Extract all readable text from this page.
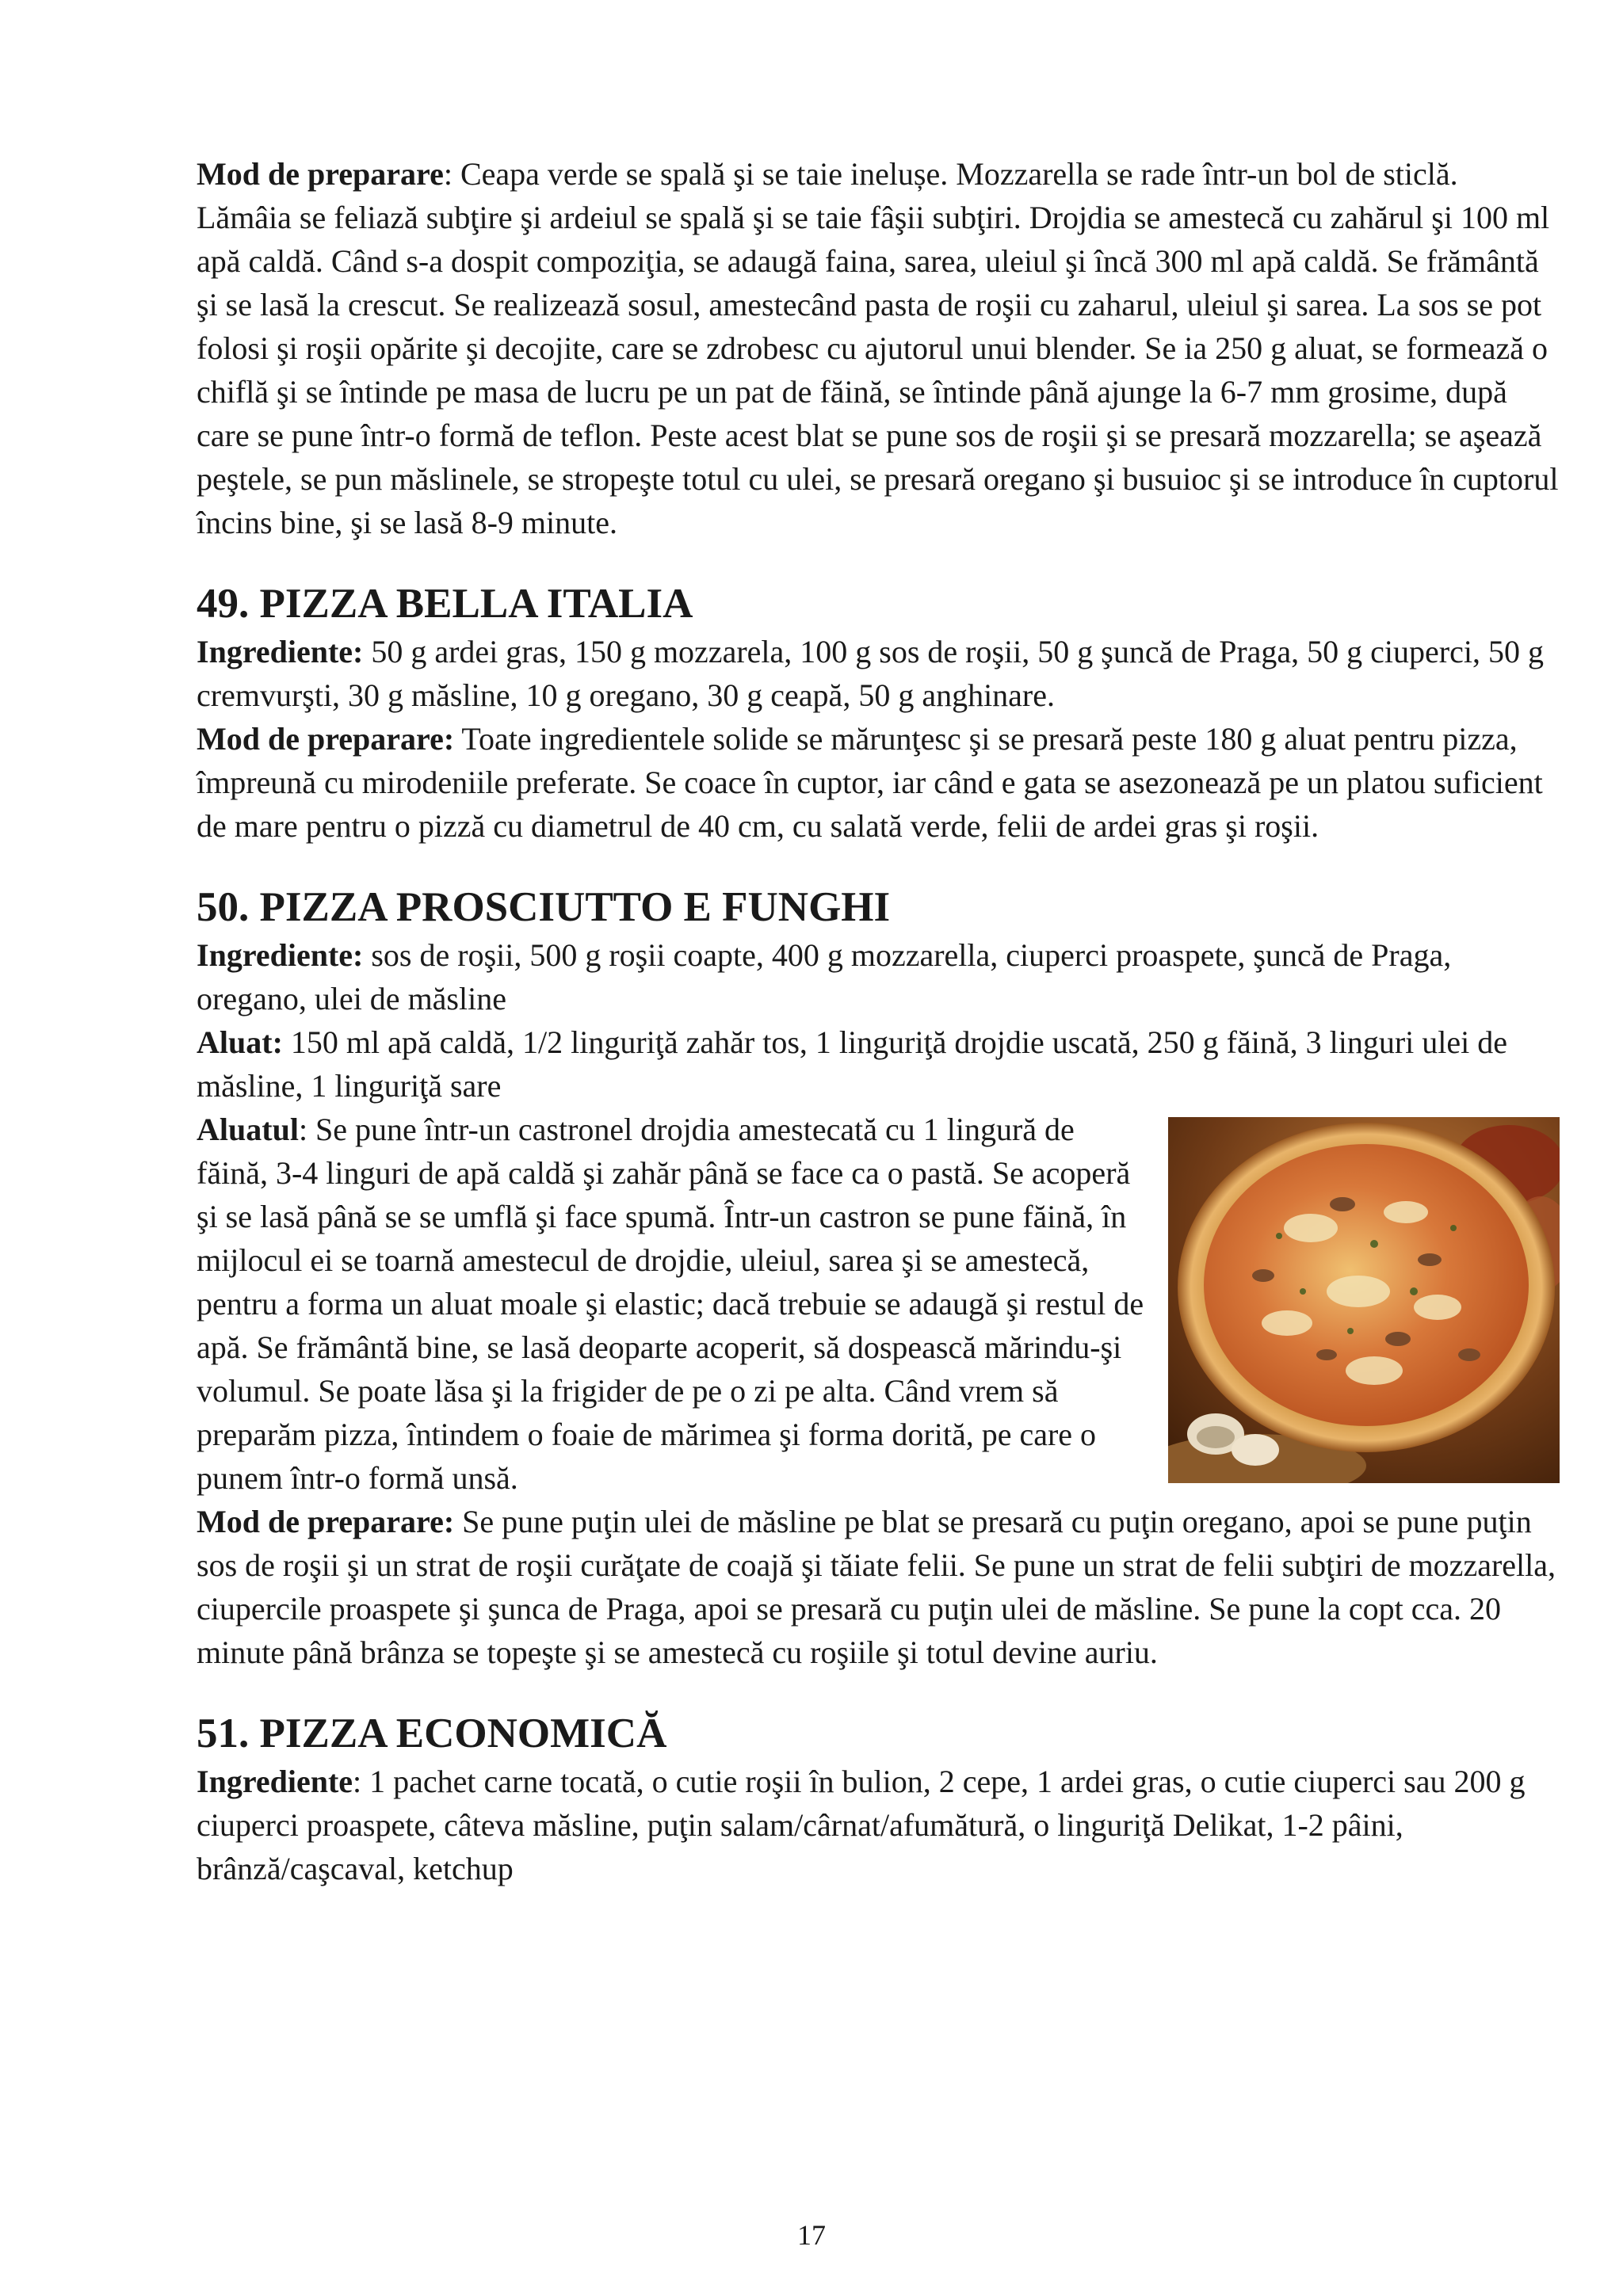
Mod de preparare: Ceapa verde se spală şi se taie inelușe. Mozzarella se rade într-un bol de sticlă. Lămâia se feliază subţire şi ardeiul se spală şi se taie fâşii subţiri. Drojdia se amestecă cu zahărul şi 100 ml apă caldă. Când s-a dospit compoziţia, se adaugă faina, sarea, uleiul şi încă 300 ml apă caldă. Se frământă şi se lasă la crescut. Se realizează sosul, amestecând pasta de roşii cu zaharul, uleiul şi sarea. La sos se pot folosi şi roşii opărite şi decojite, care se zdrobesc cu ajutorul unui blender. Se ia 250 g aluat, se formează o chiflă şi se întinde pe masa de lucru pe un pat de făină, se întinde până ajunge la 6-7 mm grosime, după care se pune într-o formă de teflon. Peste acest blat se pune sos de roşii şi se presară mozzarella; se aşează peştele, se pun măslinele, se stropeşte totul cu ulei, se presară oregano şi busuioc şi se introduce în cuptorul încins bine, şi se lasă 8-9 minute.

49. PIZZA BELLA ITALIA

Ingrediente: 50 g ardei gras, 150 g mozzarela, 100 g sos de roşii, 50 g şuncă de Praga, 50 g ciuperci, 50 g cremvurşti, 30 g măsline, 10 g oregano, 30 g ceapă, 50 g anghinare.

Mod de preparare: Toate ingredientele solide se mărunţesc şi se presară peste 180 g aluat pentru pizza, împreună cu mirodeniile preferate. Se coace în cuptor, iar când e gata se asezonează pe un platou suficient de mare pentru o pizză cu diametrul de 40 cm, cu salată verde, felii de ardei gras şi roşii.

50. PIZZA PROSCIUTTO E FUNGHI

Ingrediente: sos de roşii, 500 g roşii coapte, 400 g mozzarella, ciuperci proaspete, şuncă de Praga, oregano, ulei de măsline

Aluat: 150 ml apă caldă, 1/2 linguriţă zahăr tos, 1 linguriţă drojdie uscată, 250 g făină, 3 linguri ulei de măsline, 1 linguriţă sare

Aluatul: Se pune într-un castronel drojdia amestecată cu 1 lingură de făină, 3-4 linguri de apă caldă şi zahăr până se face ca o pastă. Se acoperă şi se lasă până se se umflă şi face spumă. Într-un castron se pune făină, în mijlocul ei se toarnă amestecul de drojdie, uleiul, sarea şi se amestecă, pentru a forma un aluat moale şi elastic; dacă trebuie se adaugă şi restul de apă. Se frământă bine, se lasă deoparte acoperit, să dospească mărindu-şi volumul. Se poate lăsa şi la frigider de pe o zi pe alta. Când vrem să preparăm pizza, întindem o foaie de mărimea şi forma dorită, pe care o punem într-o formă unsă.

Mod de preparare: Se pune puţin ulei de măsline pe blat se presară cu puţin oregano, apoi se pune puţin sos de roşii şi un strat de roşii curăţate de coajă şi tăiate felii. Se pune un strat de felii subţiri de mozzarella, ciupercile proaspete şi şunca de Praga, apoi se presară cu puţin ulei de măsline. Se pune la copt cca. 20 minute până brânza se topeşte şi se amestecă cu roşiile şi totul devine auriu.

51. PIZZA ECONOMICĂ

Ingrediente: 1 pachet carne tocată, o cutie roşii în bulion, 2 cepe, 1 ardei gras, o cutie ciuperci sau 200 g ciuperci proaspete, câteva măsline, puţin salam/cârnat/afumătură, o linguriţă Delikat, 1-2 pâini, brânză/caşcaval, ketchup

17
